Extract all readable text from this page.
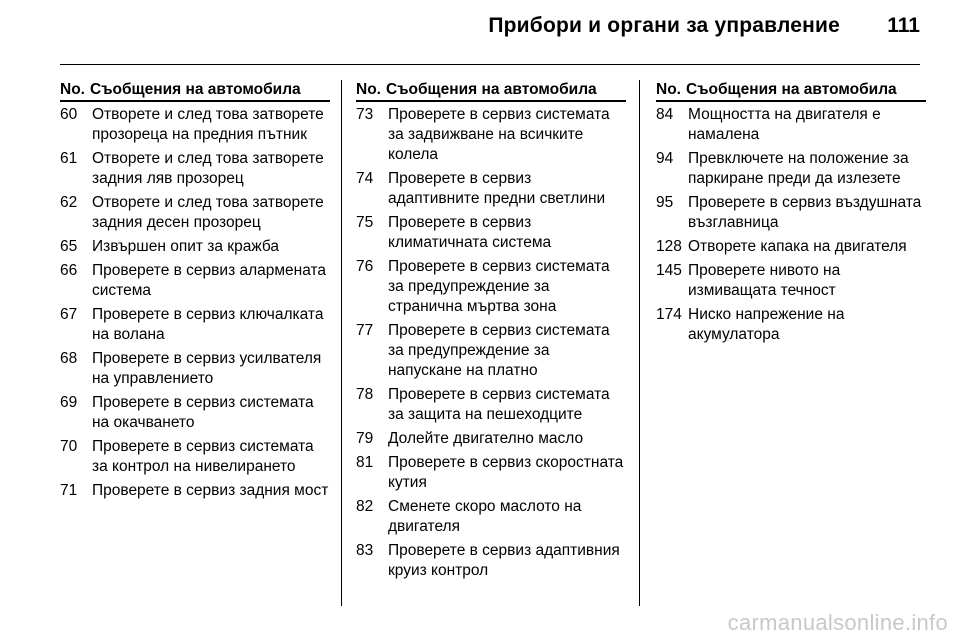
Прибори и органи за управление 111
No. Съобщения на автомобила
60 Отворете и след това затворете прозореца на предния пътник
61 Отворете и след това затворете задния ляв прозорец
62 Отворете и след това затворете задния десен прозорец
65 Извършен опит за кражба
66 Проверете в сервиз алармената система
67 Проверете в сервиз ключалката на волана
68 Проверете в сервиз усилвателя на управлението
69 Проверете в сервиз системата на окачването
70 Проверете в сервиз системата за контрол на нивелирането
71 Проверете в сервиз задния мост
No. Съобщения на автомобила
73 Проверете в сервиз системата за задвижване на всичките колела
74 Проверете в сервиз адаптивните предни светлини
75 Проверете в сервиз климатичната система
76 Проверете в сервиз системата за предупреждение за странична мъртва зона
77 Проверете в сервиз системата за предупреждение за напускане на платно
78 Проверете в сервиз системата за защита на пешеходците
79 Долейте двигателно масло
81 Проверете в сервиз скоростната кутия
82 Сменете скоро маслото на двигателя
83 Проверете в сервиз адаптивния круиз контрол
No. Съобщения на автомобила
84 Мощността на двигателя е намалена
94 Превключете на положение за паркиране преди да излезете
95 Проверете в сервиз въздушната възглавница
128 Отворете капака на двигателя
145 Проверете нивото на измиващата течност
174 Ниско напрежение на акумулатора
carmanualsonline.info
